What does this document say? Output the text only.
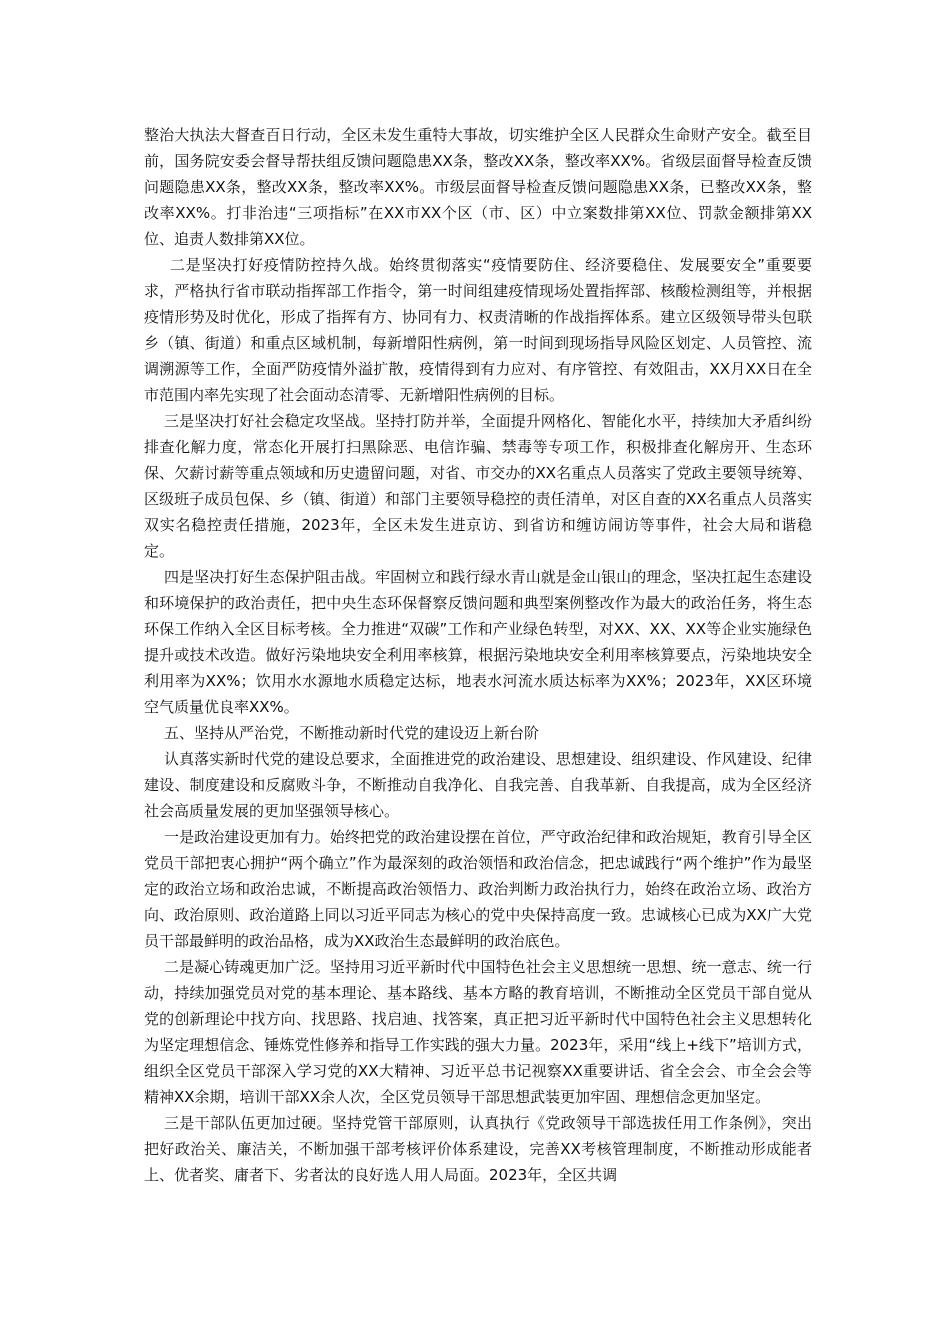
整治大执法大督查百日行动，全区未发生重特大事故，切实维护全区人民群众生命财产安全。截至目前，国务院安委会督导帮扶组反馈问题隐患XX条，整改XX条，整改率XX%。省级层面督导检查反馈问题隐患XX条，整改XX条，整改率XX%。市级层面督导检查反馈问题隐患XX条，已整改XX条，整改率XX%。打非治违“三项指标”在XX市XX个区（市、区）中立案数排第XX位、罚款金额排第XX位、追责人数排第XX位。

二是坚决打好疫情防控持久战。始终贯彻落实“疫情要防住、经济要稳住、发展要安全”重要要求，严格执行省市联动指挥部工作指令，第一时间组建疫情现场处置指挥部、核酸检测组等，并根据疫情形势及时优化，形成了指挥有方、协同有力、权责清晰的作战指挥体系。建立区级领导带头包联乡（镇、街道）和重点区域机制，每新增阳性病例，第一时间到现场指导风险区划定、人员管控、流调溯源等工作，全面严防疫情外溢扩散，疫情得到有力应对、有序管控、有效阻击，XX月XX日在全市范围内率先实现了社会面动态清零、无新增阳性病例的目标。

三是坚决打好社会稳定攻坚战。坚持打防并举，全面提升网格化、智能化水平，持续加大矛盾纠纷排查化解力度，常态化开展打扫黑除恶、电信诈骗、禁毒等专项工作，积极排查化解房开、生态环保、欠薪讨薪等重点领域和历史遗留问题，对省、市交办的XX名重点人员落实了党政主要领导统筹、区级班子成员包保、乡（镇、街道）和部门主要领导稳控的责任清单，对区自查的XX名重点人员落实双实名稳控责任措施，2023年，全区未发生进京访、到省访和缠访闹访等事件，社会大局和谐稳定。

四是坚决打好生态保护阻击战。牢固树立和践行绿水青山就是金山银山的理念，坚决扛起生态建设和环境保护的政治责任，把中央生态环保督察反馈问题和典型案例整改作为最大的政治任务，将生态环保工作纳入全区目标考核。全力推进“双碳”工作和产业绿色转型，对XX、XX、XX等企业实施绿色提升或技术改造。做好污染地块安全利用率核算，根据污染地块安全利用率核算要点，污染地块安全利用率为XX%；饮用水水源地水质稳定达标，地表水河流水质达标率为XX%；2023年，XX区环境空气质量优良率XX%。

五、坚持从严治党，不断推动新时代党的建设迈上新台阶

认真落实新时代党的建设总要求，全面推进党的政治建设、思想建设、组织建设、作风建设、纪律建设、制度建设和反腐败斗争，不断推动自我净化、自我完善、自我革新、自我提高，成为全区经济社会高质量发展的更加坚强领导核心。

一是政治建设更加有力。始终把党的政治建设摆在首位，严守政治纪律和政治规矩，教育引导全区党员干部把衷心拥护“两个确立”作为最深刻的政治领悟和政治信念，把忠诚践行“两个维护”作为最坚定的政治立场和政治忠诚，不断提高政治领悟力、政治判断力政治执行力，始终在政治立场、政治方向、政治原则、政治道路上同以习近平同志为核心的党中央保持高度一致。忠诚核心已成为XX广大党员干部最鲜明的政治品格，成为XX政治生态最鲜明的政治底色。

二是凝心铸魂更加广泛。坚持用习近平新时代中国特色社会主义思想统一思想、统一意志、统一行动，持续加强党员对党的基本理论、基本路线、基本方略的教育培训，不断推动全区党员干部自觉从党的创新理论中找方向、找思路、找启迪、找答案，真正把习近平新时代中国特色社会主义思想转化为坚定理想信念、锤炼党性修养和指导工作实践的强大力量。2023年，采用“线上+线下”培训方式，组织全区党员干部深入学习党的XX大精神、习近平总书记视察XX重要讲话、省全会会、市全会会等精神XX余期，培训干部XX余人次，全区党员领导干部思想武装更加牢固、理想信念更加坚定。

三是干部队伍更加过硬。坚持党管干部原则，认真执行《党政领导干部选拔任用工作条例》，突出把好政治关、廉洁关，不断加强干部考核评价体系建设，完善XX考核管理制度，不断推动形成能者上、优者奖、庸者下、劣者汰的良好选人用人局面。2023年，全区共调
